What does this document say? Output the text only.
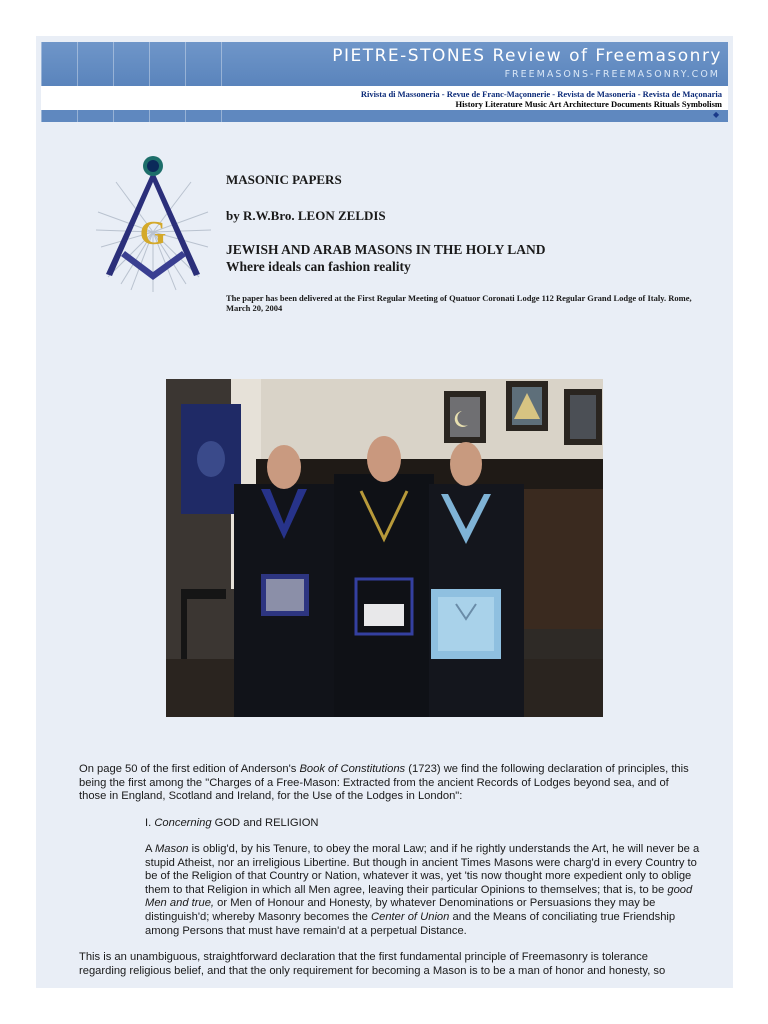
PIETRE-STONES Review of Freemasonry
FREEMASONS-FREEMASONRY.COM
Rivista di Massoneria - Revue de Franc-Maçonnerie - Revista de Masoneria - Revista de Maçonaria
History Literature Music Art Architecture Documents Rituals Symbolism
◆
G
MASONIC PAPERS
by R.W.Bro. LEON ZELDIS
JEWISH AND ARAB MASONS IN THE HOLY LAND
Where ideals can fashion reality
The paper has been delivered at the First Regular Meeting of Quatuor Coronati Lodge 112 Regular Grand Lodge of Italy. Rome, March 20, 2004
On page 50 of the first edition of Anderson's Book of Constitutions (1723) we find the following declaration of principles, this being the first among the "Charges of a Free-Mason: Extracted from the ancient Records of Lodges beyond sea, and of those in England, Scotland and Ireland, for the Use of the Lodges in London":
I. Concerning GOD and RELIGION
A Mason is oblig'd, by his Tenure, to obey the moral Law; and if he rightly understands the Art, he will never be a stupid Atheist, nor an irreligious Libertine. But though in ancient Times Masons were charg'd in every Country to be of the Religion of that Country or Nation, whatever it was, yet 'tis now thought more expedient only to oblige them to that Religion in which all Men agree, leaving their particular Opinions to themselves; that is, to be good Men and true, or Men of Honour and Honesty, by whatever Denominations or Persuasions they may be distinguish'd; whereby Masonry becomes the Center of Union and the Means of conciliating true Friendship among Persons that must have remain'd at a perpetual Distance.
This is an unambiguous, straightforward declaration that the first fundamental principle of Freemasonry is tolerance regarding religious belief, and that the only requirement for becoming a Mason is to be a man of honor and honesty, so
